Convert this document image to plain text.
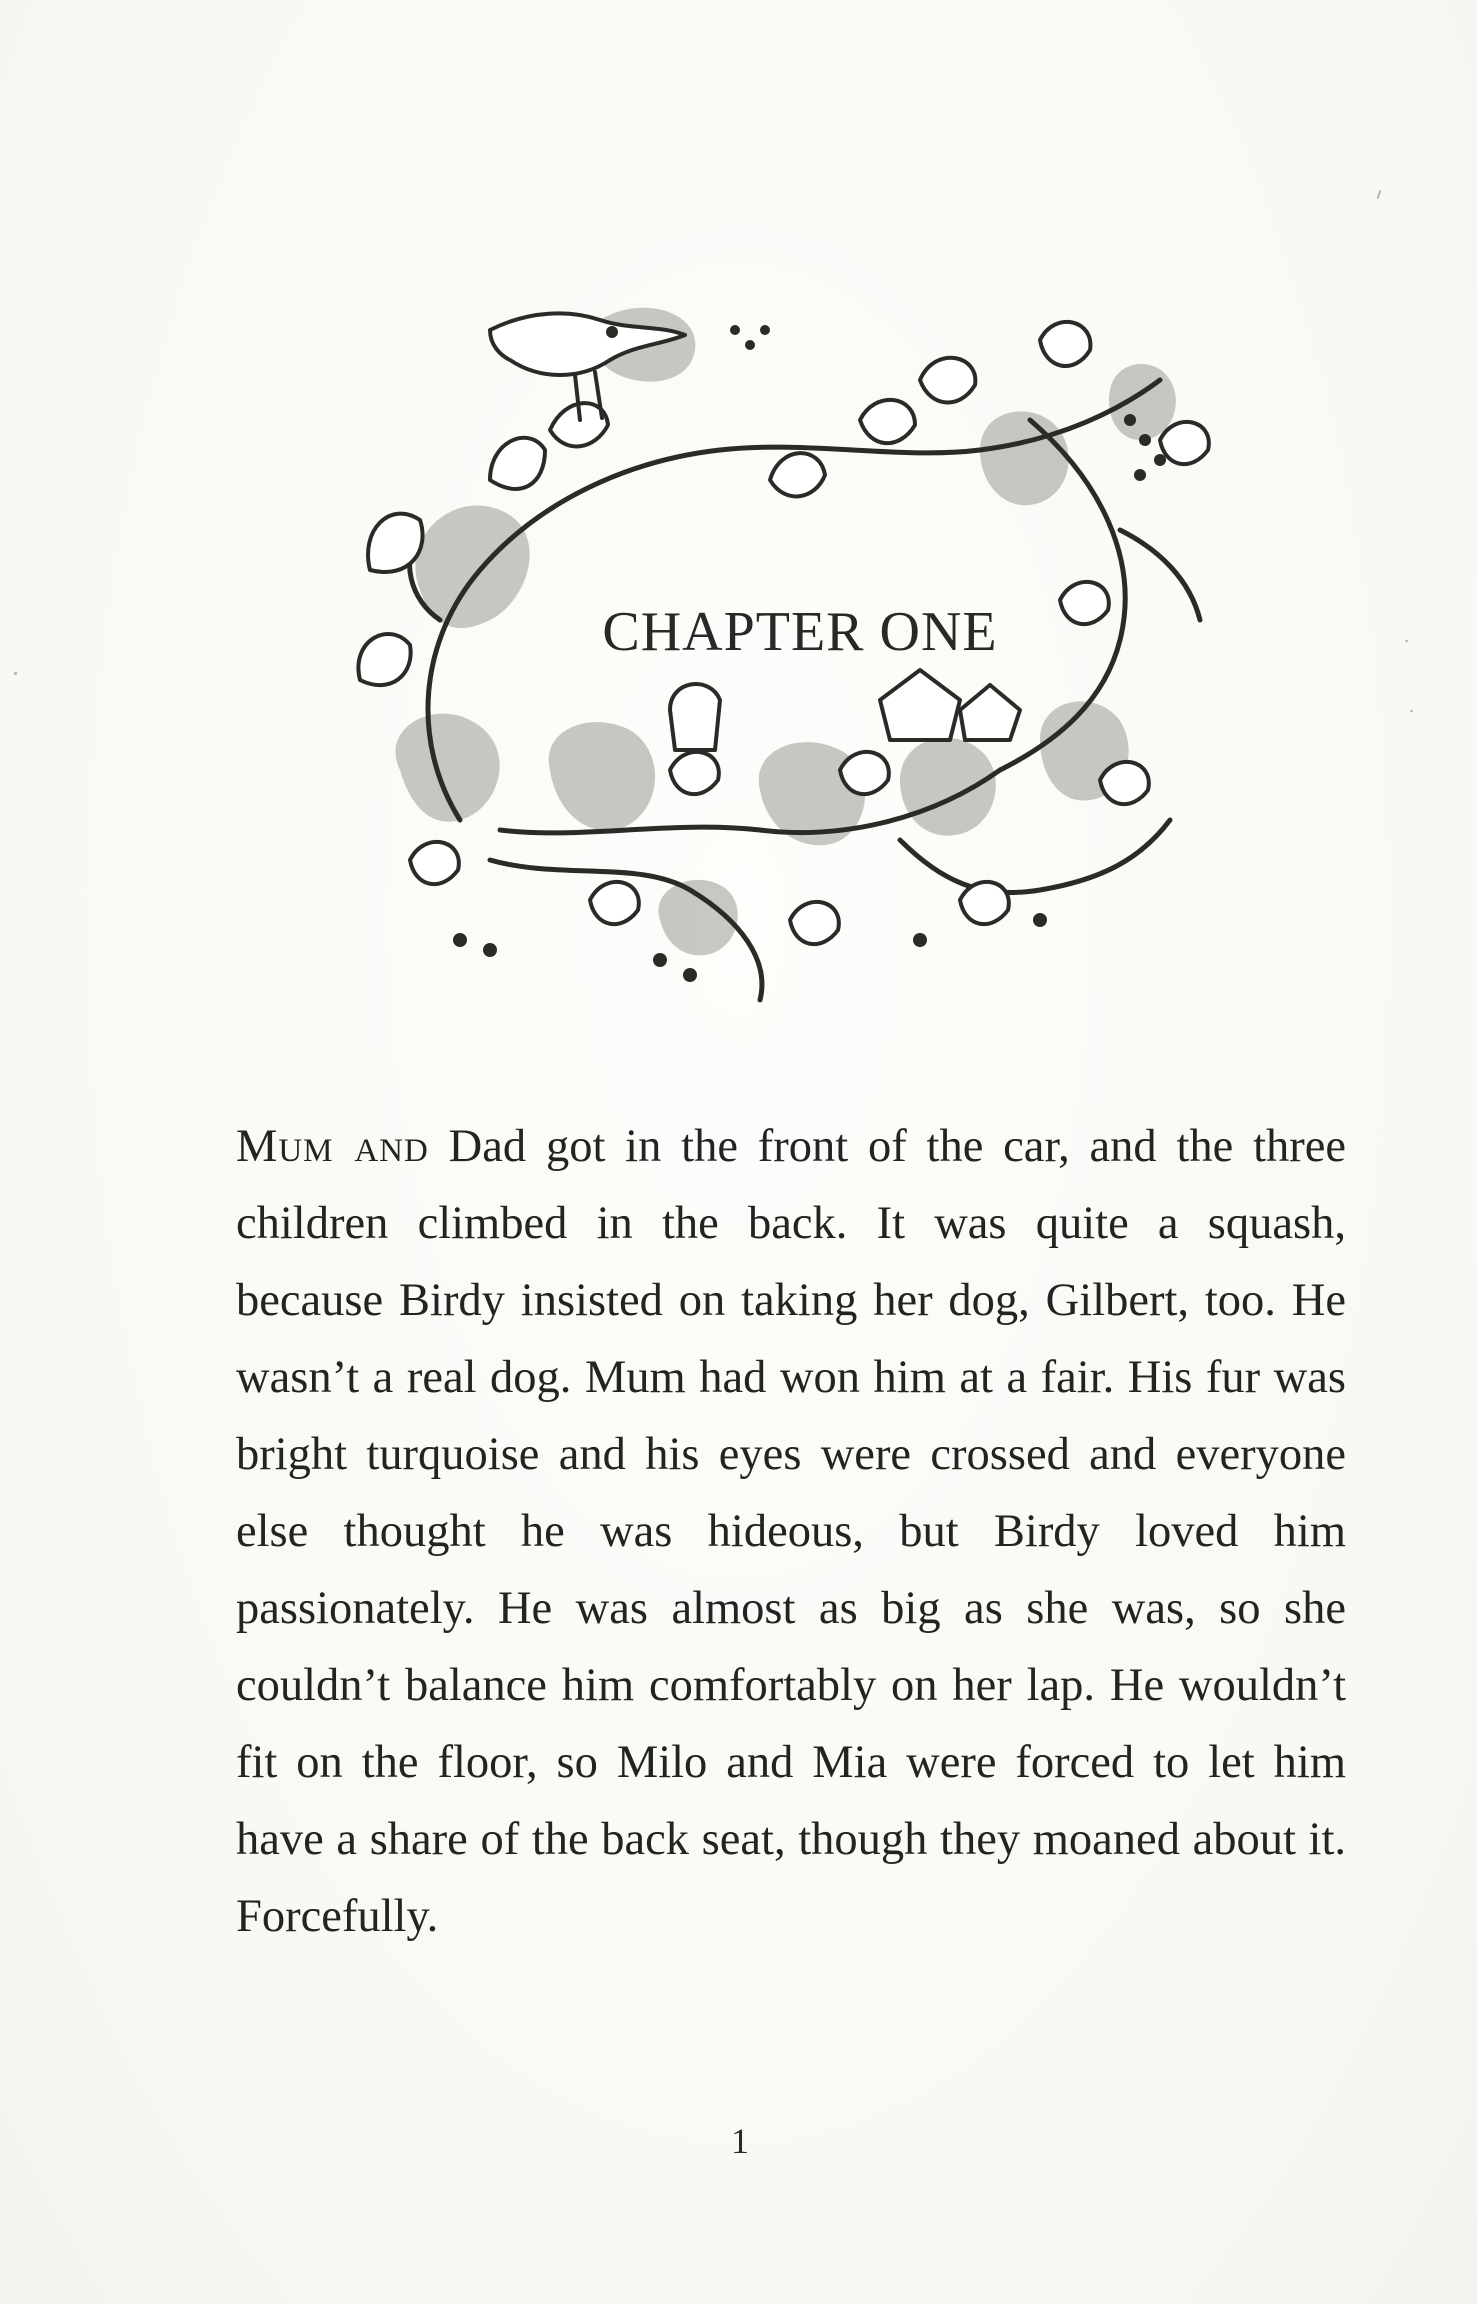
CHAPTER ONE

Mum and Dad got in the front of the car, and the three children climbed in the back. It was quite a squash, because Birdy insisted on taking her dog, Gilbert, too. He wasn’t a real dog. Mum had won him at a fair. His fur was bright turquoise and his eyes were crossed and everyone else thought he was hideous, but Birdy loved him passionately. He was almost as big as she was, so she couldn’t balance him comfortably on her lap. He wouldn’t fit on the floor, so Milo and Mia were forced to let him have a share of the back seat, though they moaned about it. Forcefully.

1
